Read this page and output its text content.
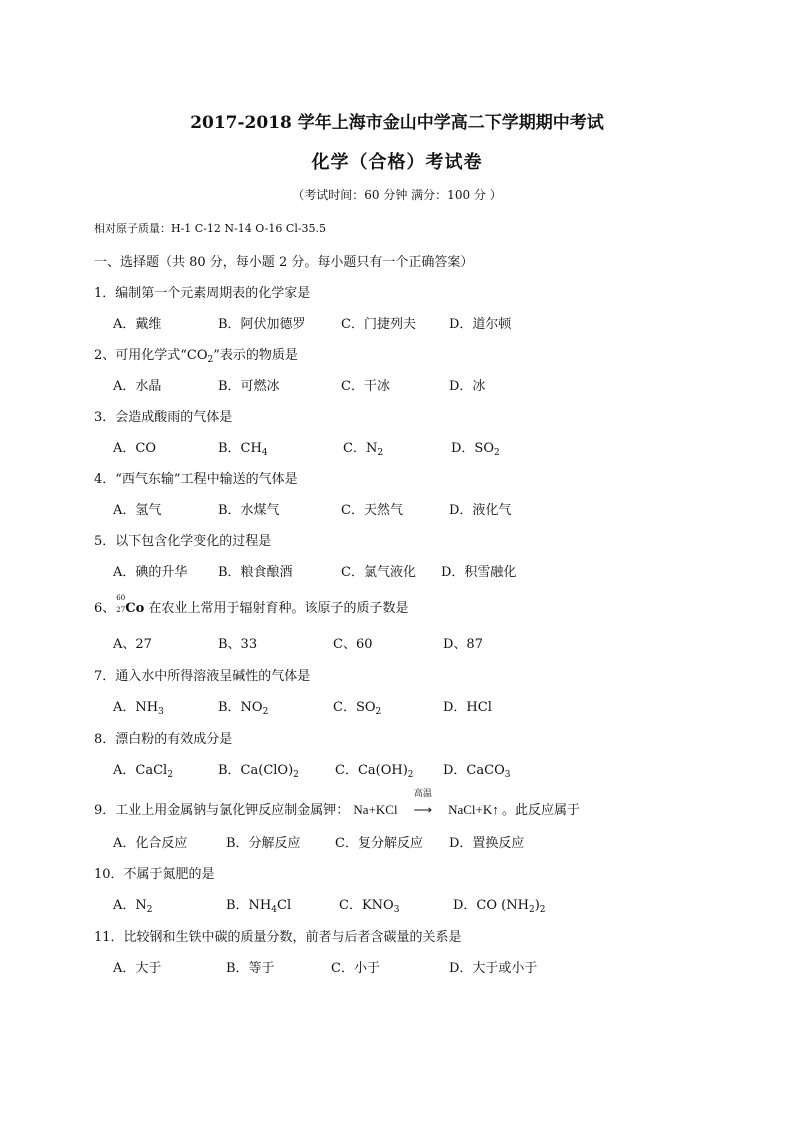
2017-2018 学年上海市金山中学高二下学期期中考试
化学（合格）考试卷
（考试时间：60 分钟 满分：100 分 ）
相对原子质量：H-1 C-12 N-14 O-16 Cl-35.5
一、选择题（共 80 分，每小题 2 分。每小题只有一个正确答案）
1．编制第一个元素周期表的化学家是
A．戴维	B．阿伏加德罗	C．门捷列夫	D．道尔顿
2、可用化学式“$CO_2$”表示的物质是
A．水晶	B．可燃冰	C．干冰	D．冰
3．会造成酸雨的气体是
A．CO	B．$CH_4$	C．$N_2$	D．$SO_2$
4．“西气东输”工程中输送的气体是
A．氢气	B．水煤气	C．天然气	D．液化气
5．以下包含化学变化的过程是
A．碘的升华 B．粮食酿酒	C．氯气液化 D．积雪融化
6、
60
27 Co 在农业上常用于辐射育种。该原子的质子数是
A、27	B、33	C、60	D、87
7．通入水中所得溶液呈碱性的气体是
A．$NH_3$	B．$NO_2$	C．$SO_2$	D．HCl
8．漂白粉的有效成分是
A．CaCl$_2$	B．$Ca(ClO)_2$	C．$Ca(OH)_2$ D．CaCO$_3$
9．工业上用金属钠与氯化钾反应制金属钾： Na+KCl
高温
⟶ NaCl+K↑ 。此反应属于
A．化合反应	B．分解反应	C．复分解反应 D．置换反应
10．不属于氮肥的是
A．$N_2$	B．$NH_4Cl$	C．$KNO_3$	D．CO $(NH_2)_2$
11．比较钢和生铁中碳的质量分数，前者与后者含碳量的关系是
A．大于	B．等于	C．小于	D．大于或小于
